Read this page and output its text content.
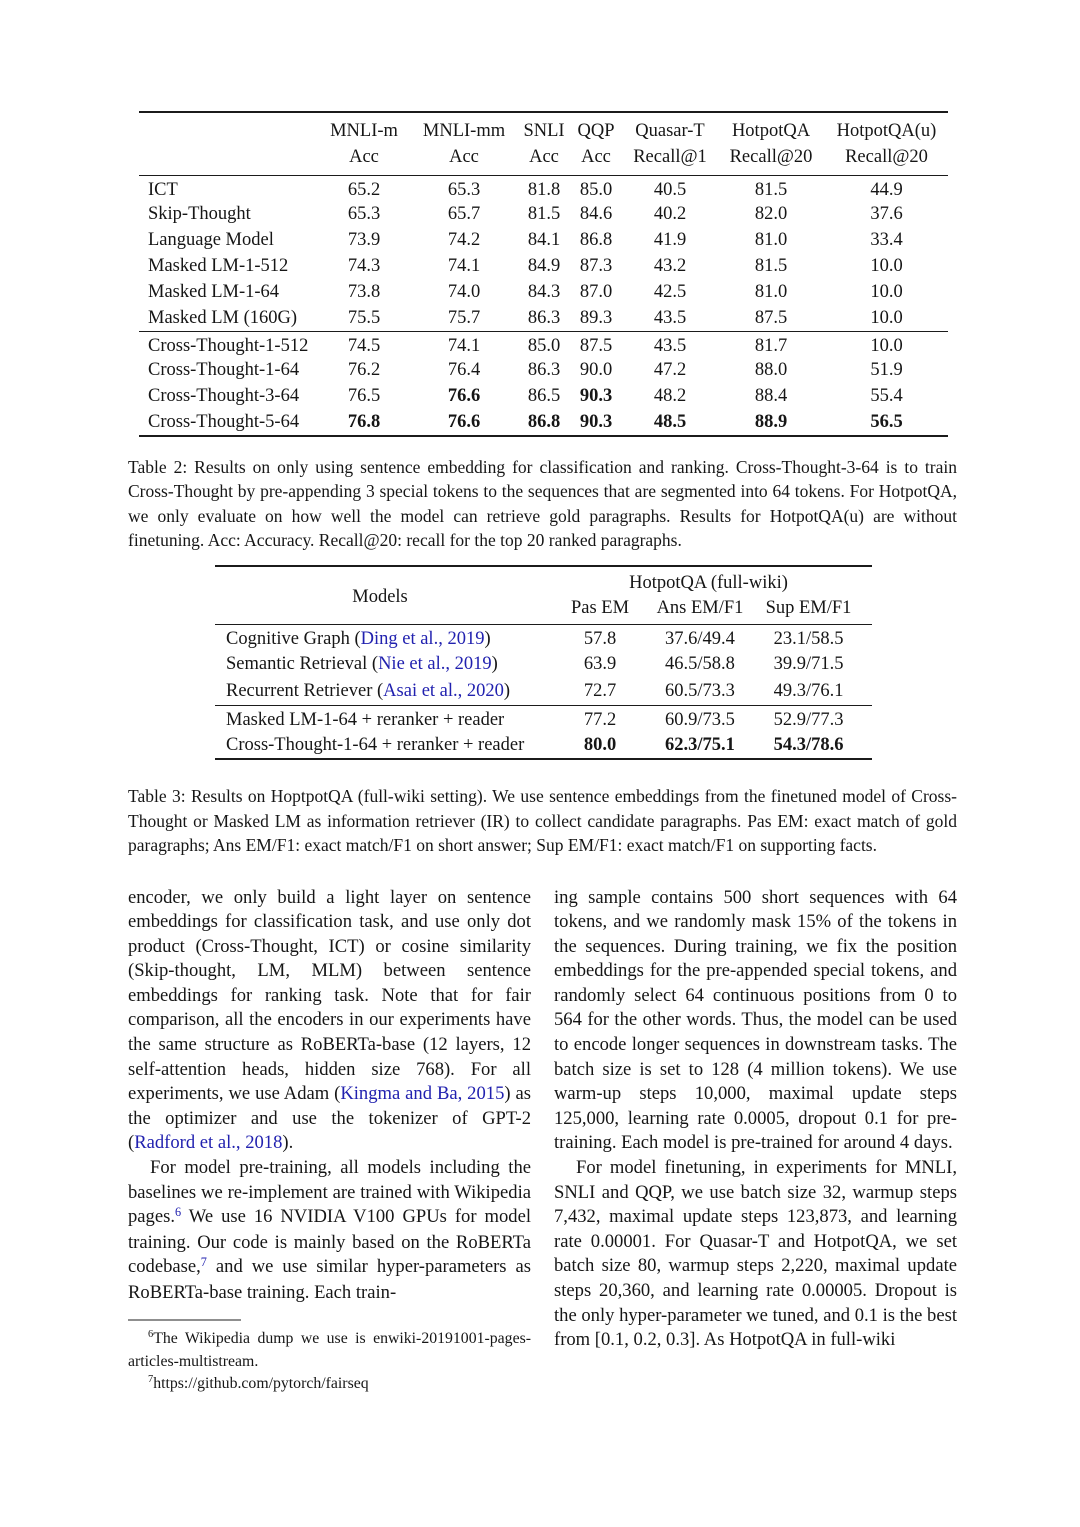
	MNLI-m	MNLI-mm	SNLI	QQP	Quasar-T	HotpotQA	HotpotQA(u)
	Acc	Acc	Acc	Acc	Recall@1	Recall@20	Recall@20
ICT	65.2	65.3	81.8	85.0	40.5	81.5	44.9
Skip-Thought	65.3	65.7	81.5	84.6	40.2	82.0	37.6
Language Model	73.9	74.2	84.1	86.8	41.9	81.0	33.4
Masked LM-1-512	74.3	74.1	84.9	87.3	43.2	81.5	10.0
Masked LM-1-64	73.8	74.0	84.3	87.0	42.5	81.0	10.0
Masked LM (160G)	75.5	75.7	86.3	89.3	43.5	87.5	10.0
Cross-Thought-1-512	74.5	74.1	85.0	87.5	43.5	81.7	10.0
Cross-Thought-1-64	76.2	76.4	86.3	90.0	47.2	88.0	51.9
Cross-Thought-3-64	76.5	76.6	86.5	90.3	48.2	88.4	55.4
Cross-Thought-5-64	76.8	76.6	86.8	90.3	48.5	88.9	56.5

Table 2: Results on only using sentence embedding for classification and ranking. Cross-Thought-3-64 is to train Cross-Thought by pre-appending 3 special tokens to the sequences that are segmented into 64 tokens. For HotpotQA, we only evaluate on how well the model can retrieve gold paragraphs. Results for HotpotQA(u) are without finetuning. Acc: Accuracy. Recall@20: recall for the top 20 ranked paragraphs.

Models	HotpotQA (full-wiki)		
	Pas EM	Ans EM/F1	Sup EM/F1
Cognitive Graph (Ding et al., 2019)	57.8	37.6/49.4	23.1/58.5
Semantic Retrieval (Nie et al., 2019)	63.9	46.5/58.8	39.9/71.5
Recurrent Retriever (Asai et al., 2020)	72.7	60.5/73.3	49.3/76.1
Masked LM-1-64 + reranker + reader	77.2	60.9/73.5	52.9/77.3
Cross-Thought-1-64 + reranker + reader	80.0	62.3/75.1	54.3/78.6

Table 3: Results on HoptpotQA (full-wiki setting). We use sentence embeddings from the finetuned model of Cross-Thought or Masked LM as information retriever (IR) to collect candidate paragraphs. Pas EM: exact match of gold paragraphs; Ans EM/F1: exact match/F1 on short answer; Sup EM/F1: exact match/F1 on supporting facts.

encoder, we only build a light layer on sentence embeddings for classification task, and use only dot product (Cross-Thought, ICT) or cosine similarity (Skip-thought, LM, MLM) between sentence embeddings for ranking task. Note that for fair comparison, all the encoders in our experiments have the same structure as RoBERTa-base (12 layers, 12 self-attention heads, hidden size 768). For all experiments, we use Adam (Kingma and Ba, 2015) as the optimizer and use the tokenizer of GPT-2 (Radford et al., 2018).

For model pre-training, all models including the baselines we re-implement are trained with Wikipedia pages.$^6$ We use 16 NVIDIA V100 GPUs for model training. Our code is mainly based on the RoBERTa codebase,$^7$ and we use similar hyper-parameters as RoBERTa-base training. Each train-

$^6$The Wikipedia dump we use is enwiki-20191001-pages-articles-multistream.

$^7$https://github.com/pytorch/fairseq

ing sample contains 500 short sequences with 64 tokens, and we randomly mask 15% of the tokens in the sequences. During training, we fix the position embeddings for the pre-appended special tokens, and randomly select 64 continuous positions from 0 to 564 for the other words. Thus, the model can be used to encode longer sequences in downstream tasks. The batch size is set to 128 (4 million tokens). We use warm-up steps 10,000, maximal update steps 125,000, learning rate 0.0005, dropout 0.1 for pre-training. Each model is pre-trained for around 4 days.

For model finetuning, in experiments for MNLI, SNLI and QQP, we use batch size 32, warmup steps 7,432, maximal update steps 123,873, and learning rate 0.00001. For Quasar-T and HotpotQA, we set batch size 80, warmup steps 2,220, maximal update steps 20,360, and learning rate 0.00005. Dropout is the only hyper-parameter we tuned, and 0.1 is the best from [0.1, 0.2, 0.3]. As HotpotQA in full-wiki
